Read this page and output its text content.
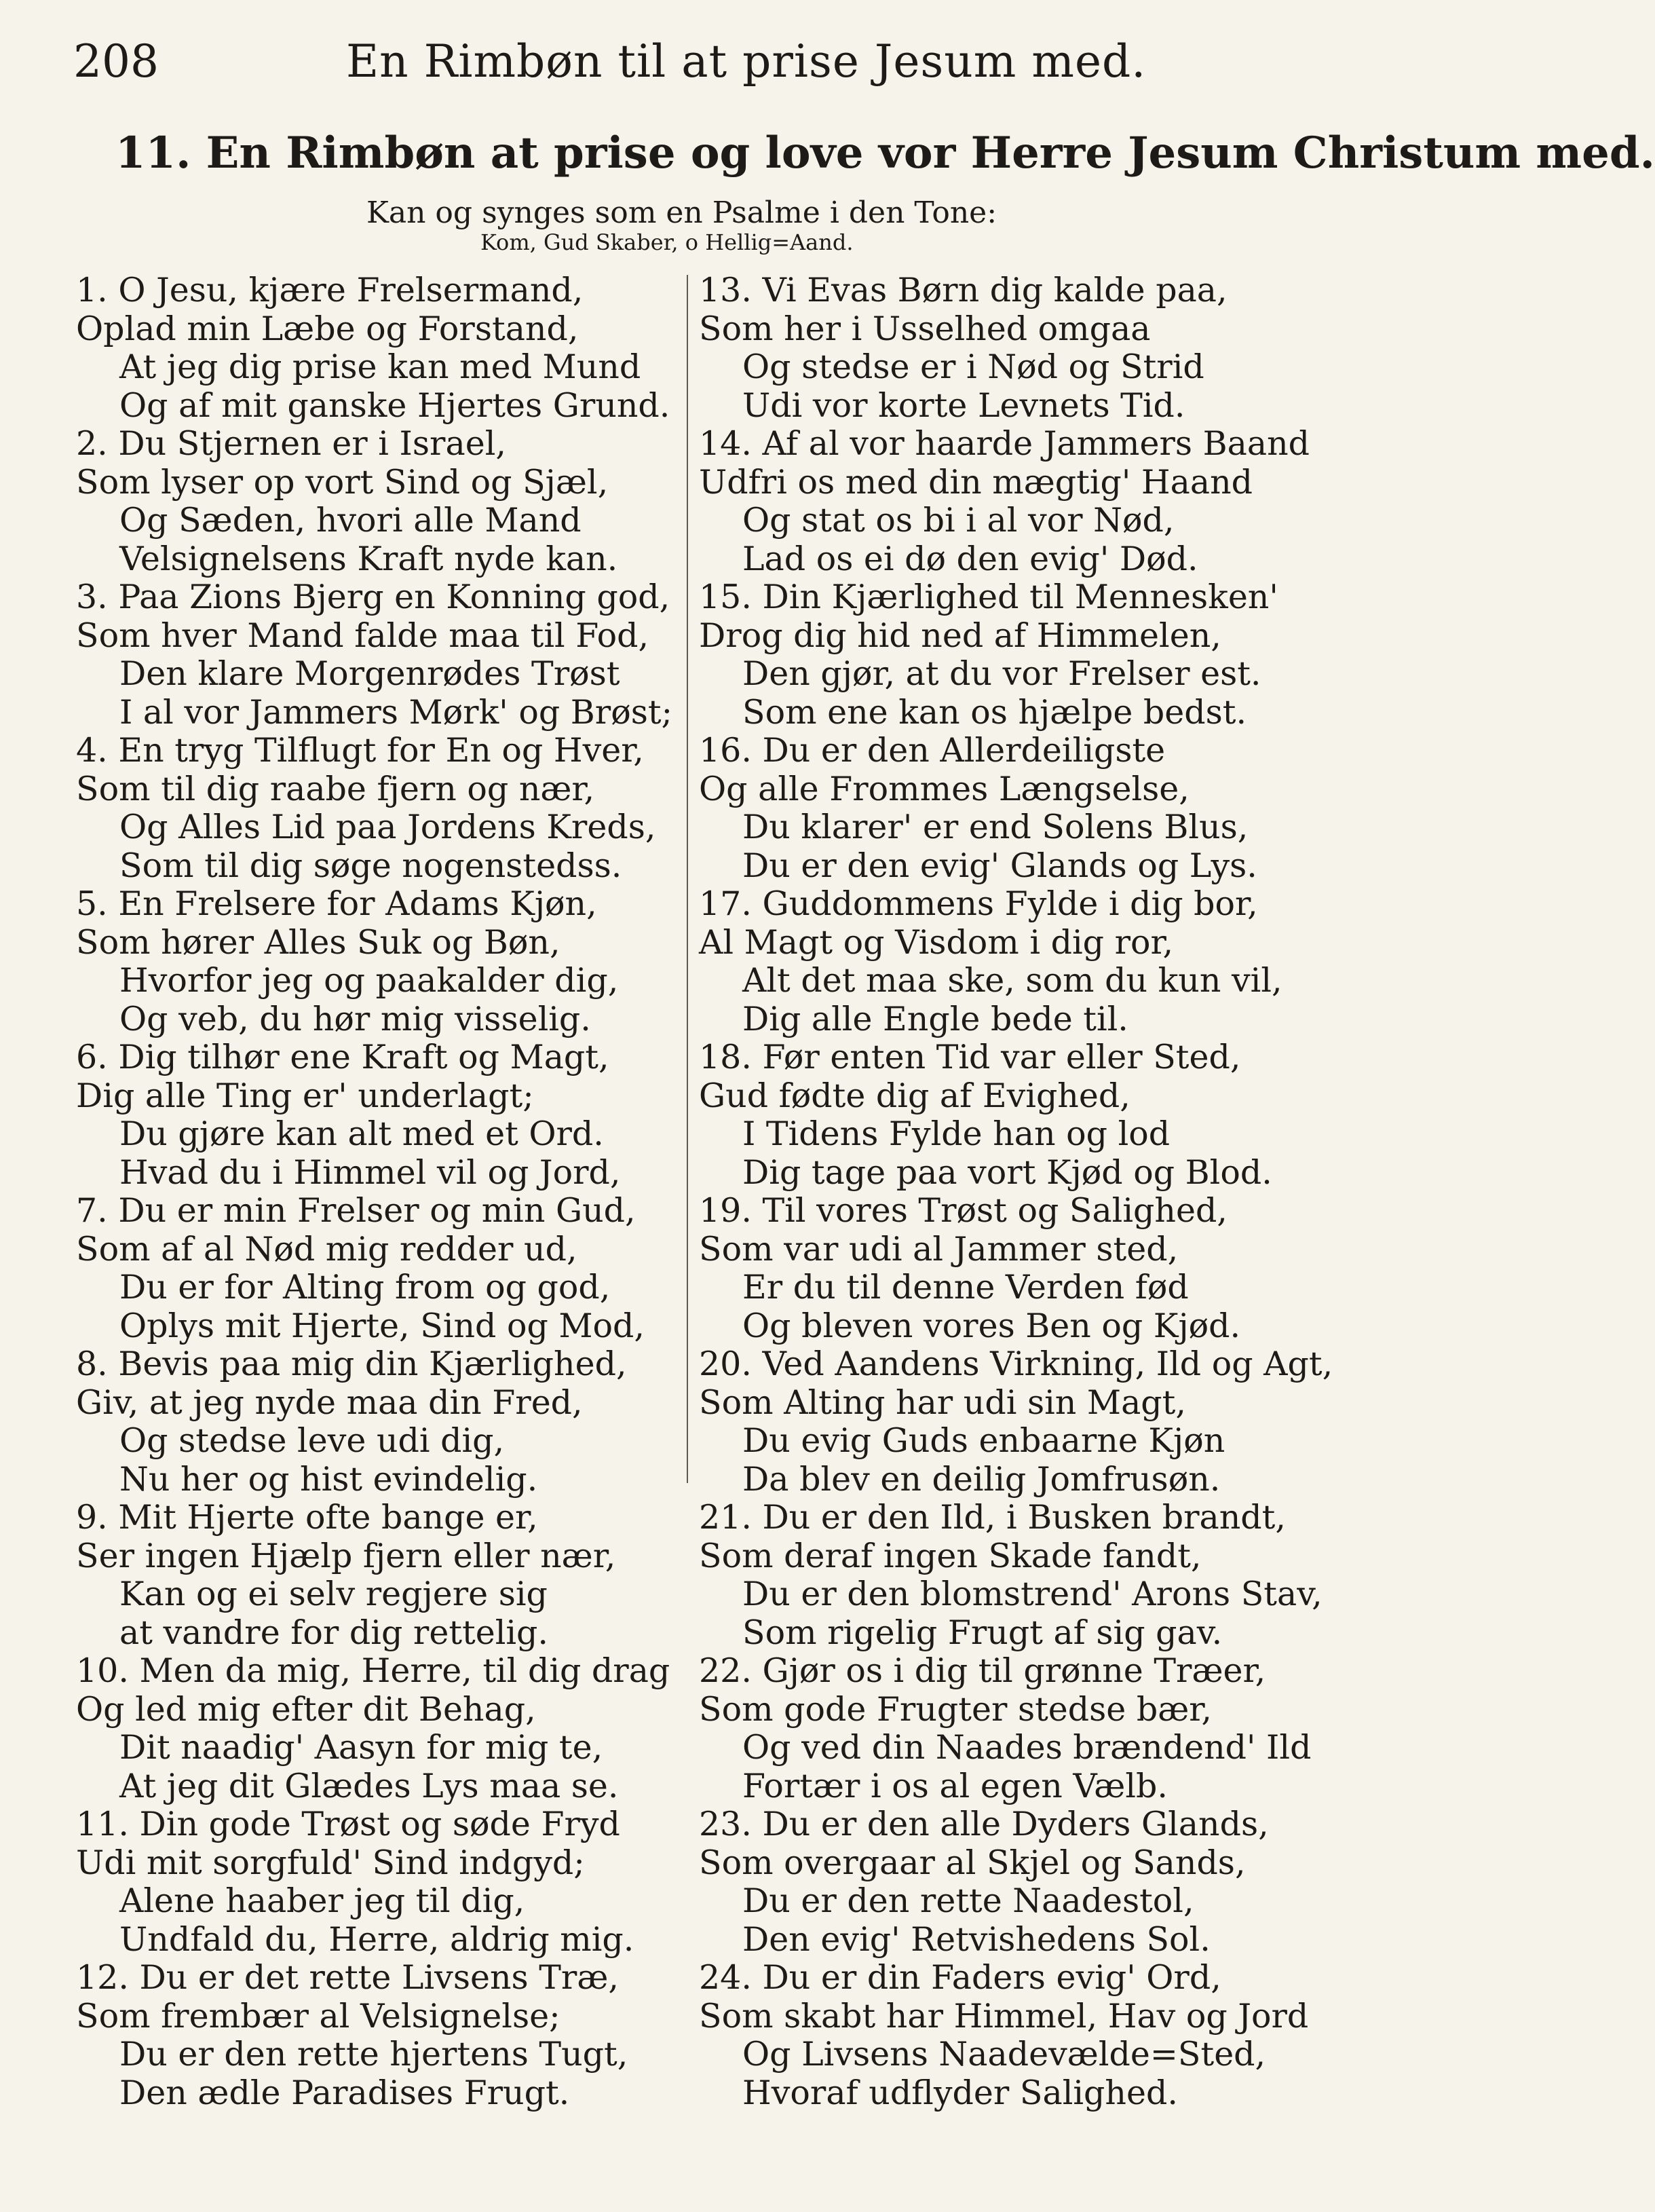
208	En Rimbøn til at prise Jesum med.
11. En Rimbøn at prise og love vor Herre Jesum Christum med.
Kan og synges som en Psalme i den Tone:
Kom, Gud Skaber, o Hellig=Aand.
1. O Jesu, kjære Frelsermand,
Oplad min Læbe og Forstand,
At jeg dig prise kan med Mund
Og af mit ganske Hjertes Grund.
2. Du Stjernen er i Israel,
Som lyser op vort Sind og Sjæl,
Og Sæden, hvori alle Mand
Velsignelsens Kraft nyde kan.
3. Paa Zions Bjerg en Konning god,
Som hver Mand falde maa til Fod,
Den klare Morgenrødes Trøst
I al vor Jammers Mørk' og Brøst;
4. En tryg Tilflugt for En og Hver,
Som til dig raabe fjern og nær,
Og Alles Lid paa Jordens Kreds,
Som til dig søge nogenstedss.
5. En Frelsere for Adams Kjøn,
Som hører Alles Suk og Bøn,
Hvorfor jeg og paakalder dig,
Og veb, du hør mig visselig.
6. Dig tilhør ene Kraft og Magt,
Dig alle Ting er' underlagt;
Du gjøre kan alt med et Ord.
Hvad du i Himmel vil og Jord,
7. Du er min Frelser og min Gud,
Som af al Nød mig redder ud,
Du er for Alting from og god,
Oplys mit Hjerte, Sind og Mod,
8. Bevis paa mig din Kjærlighed,
Giv, at jeg nyde maa din Fred,
Og stedse leve udi dig,
Nu her og hist evindelig.
9. Mit Hjerte ofte bange er,
Ser ingen Hjælp fjern eller nær,
Kan og ei selv regjere sig
at vandre for dig rettelig.
10. Men da mig, Herre, til dig drag
Og led mig efter dit Behag,
Dit naadig' Aasyn for mig te,
At jeg dit Glædes Lys maa se.
11. Din gode Trøst og søde Fryd
Udi mit sorgfuld' Sind indgyd;
Alene haaber jeg til dig,
Undfald du, Herre, aldrig mig.
12. Du er det rette Livsens Træ,
Som frembær al Velsignelse;
Du er den rette hjertens Tugt,
Den ædle Paradises Frugt.
13. Vi Evas Børn dig kalde paa,
Som her i Usselhed omgaa
Og stedse er i Nød og Strid
Udi vor korte Levnets Tid.
14. Af al vor haarde Jammers Baand
Udfri os med din mægtig' Haand
Og stat os bi i al vor Nød,
Lad os ei dø den evig' Død.
15. Din Kjærlighed til Mennesken'
Drog dig hid ned af Himmelen,
Den gjør, at du vor Frelser est.
Som ene kan os hjælpe bedst.
16. Du er den Allerdeiligste
Og alle Frommes Længselse,
Du klarer' er end Solens Blus,
Du er den evig' Glands og Lys.
17. Guddommens Fylde i dig bor,
Al Magt og Visdom i dig ror,
Alt det maa ske, som du kun vil,
Dig alle Engle bede til.
18. Før enten Tid var eller Sted,
Gud fødte dig af Evighed,
I Tidens Fylde han og lod
Dig tage paa vort Kjød og Blod.
19. Til vores Trøst og Salighed,
Som var udi al Jammer sted,
Er du til denne Verden fød
Og bleven vores Ben og Kjød.
20. Ved Aandens Virkning, Ild og Agt,
Som Alting har udi sin Magt,
Du evig Guds enbaarne Kjøn
Da blev en deilig Jomfrusøn.
21. Du er den Ild, i Busken brandt,
Som deraf ingen Skade fandt,
Du er den blomstrend' Arons Stav,
Som rigelig Frugt af sig gav.
22. Gjør os i dig til grønne Træer,
Som gode Frugter stedse bær,
Og ved din Naades brændend' Ild
Fortær i os al egen Vælb.
23. Du er den alle Dyders Glands,
Som overgaar al Skjel og Sands,
Du er den rette Naadestol,
Den evig' Retvishedens Sol.
24. Du er din Faders evig' Ord,
Som skabt har Himmel, Hav og Jord
Og Livsens Naadevælde=Sted,
Hvoraf udflyder Salighed.
